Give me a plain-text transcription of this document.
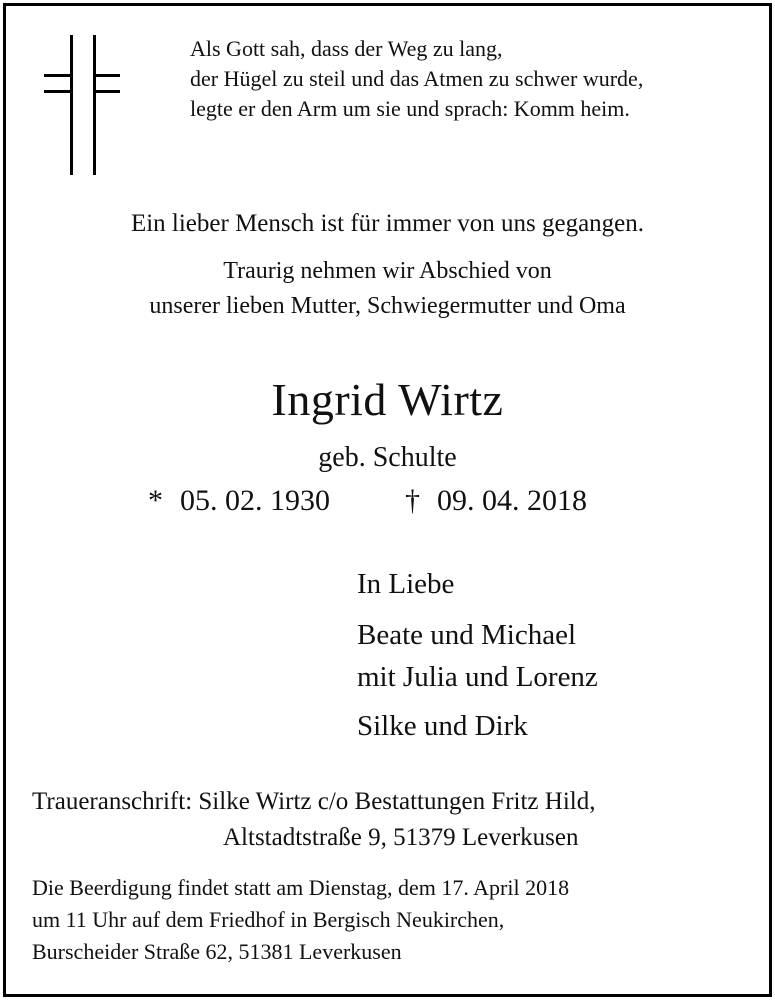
Als Gott sah, dass der Weg zu lang,
der Hügel zu steil und das Atmen zu schwer wurde,
legte er den Arm um sie und sprach: Komm heim.
Ein lieber Mensch ist für immer von uns gegangen.
Traurig nehmen wir Abschied von
unserer lieben Mutter, Schwiegermutter und Oma
Ingrid Wirtz
geb. Schulte
* 05. 02. 1930	† 09. 04. 2018
In Liebe
Beate und Michael
mit Julia und Lorenz
Silke und Dirk
Traueranschrift: Silke Wirtz c/o Bestattungen Fritz Hild,
Altstadtstraße 9, 51379 Leverkusen
Die Beerdigung findet statt am Dienstag, dem 17. April 2018
um 11 Uhr auf dem Friedhof in Bergisch Neukirchen,
Burscheider Straße 62, 51381 Leverkusen
